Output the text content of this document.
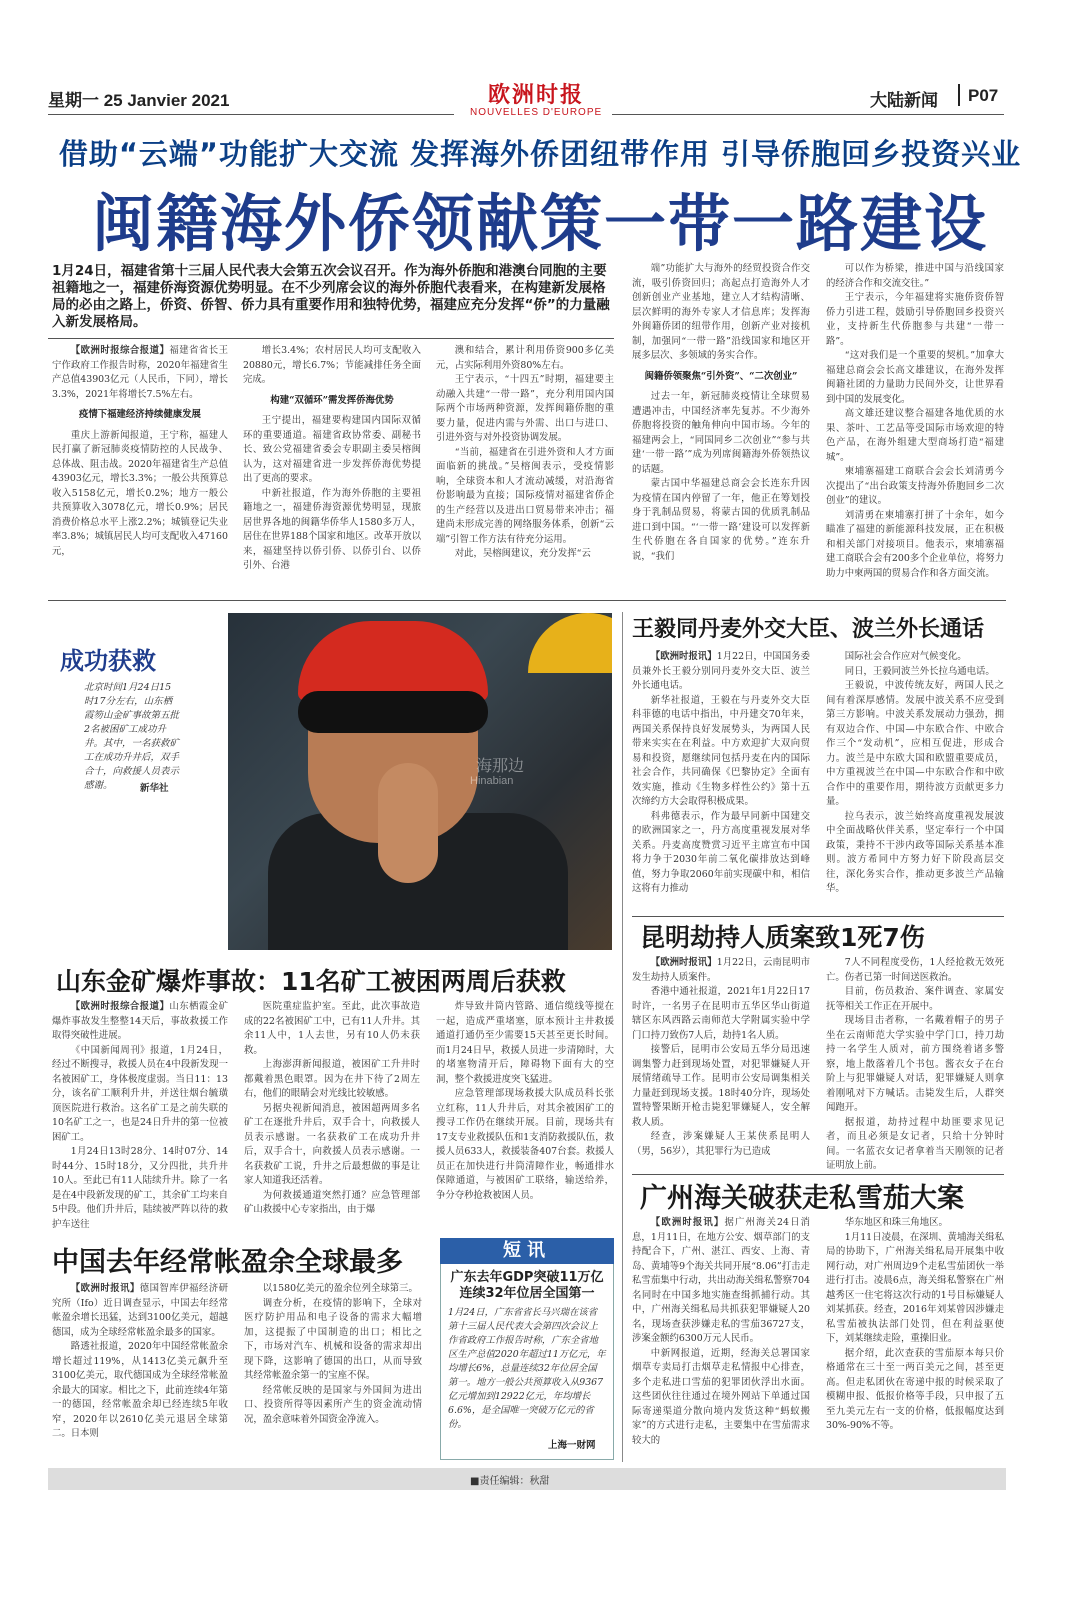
星期一 25 Janvier 2021	欧洲时报
NOUVELLES D'EUROPE
大陆新闻 P07
借助“云端”功能扩大交流 发挥海外侨团纽带作用 引导侨胞回乡投资兴业
闽籍海外侨领献策一带一路建设
1月24日，福建省第十三届人民代表大会第五次会议召开。作为海外侨胞和港澳台同胞的主要祖籍地之一，福建侨海资源优势明显。在不少列席会议的海外侨胞代表看来，在构建新发展格局的必由之路上，侨资、侨智、侨力具有重要作用和独特优势，福建应充分发挥“侨”的力量融入新发展格局。

【欧洲时报综合报道】福建省省长王宁作政府工作报告时称，2020年福建省生产总值43903亿元（人民币，下同），增长3.3%，2021年将增长7.5%左右。

疫情下福建经济持续健康发展

重庆上游新闻报道，王宁称，福建人民打赢了新冠肺炎疫情防控的人民战争、总体战、阻击战。2020年福建省生产总值43903亿元，增长3.3%；一般公共预算总收入5158亿元，增长0.2%；地方一般公共预算收入3078亿元，增长0.9%；居民消费价格总水平上涨2.2%；城镇登记失业率3.8%；城镇居民人均可支配收入47160元，

增长3.4%；农村居民人均可支配收入20880元，增长6.7%；节能减排任务全面完成。

构建“双循环”需发挥侨海优势

王宁提出，福建要构建国内国际双循环的重要通道。福建省政协常委、副秘书长、致公党福建省委会专职副主委吴榕闽认为，这对福建省进一步发挥侨海优势提出了更高的要求。

中新社报道，作为海外侨胞的主要祖籍地之一，福建侨海资源优势明显，现旅居世界各地的闽籍华侨华人1580多万人，居住在世界188个国家和地区。改革开放以来，福建坚持以侨引侨、以侨引台、以侨引外、台港

澳和结合，累计利用侨资900多亿美元，占实际利用外资80%左右。

王宁表示，“十四五”时期，福建要主动融入共建“一带一路”，充分利用国内国际两个市场两种资源，发挥闽籍侨胞的重要力量，促进内需与外需、出口与进口、引进外资与对外投资协调发展。

“当前，福建省在引进外资和人才方面面临新的挑战。”吴榕闽表示，受疫情影响，全球资本和人才流动减缓，对沿海省份影响最为直接；国际疫情对福建省侨企的生产经营以及进出口贸易带来冲击；福建尚未形成完善的网络服务体系，创新“云端”引智工作方法有待充分运用。

对此，吴榕闽建议，充分发挥“云

端”功能扩大与海外的经贸投资合作交流，吸引侨资回归；高起点打造海外人才创新创业产业基地，建立人才结构清晰、层次鲜明的海外专家人才信息库；发挥海外闽籍侨团的纽带作用，创新产业对接机制，加强同“一带一路”沿线国家和地区开展多层次、多领域的务实合作。

闽籍侨领聚焦“引外资”、“二次创业”

过去一年，新冠肺炎疫情让全球贸易遭遇冲击，中国经济率先复苏。不少海外侨胞将投资的触角伸向中国市场。今年的福建两会上，“同国同乡二次创业”“参与共建‘一带一路’”成为列席闽籍海外侨领热议的话题。

蒙古国中华福建总商会会长连东升因为疫情在国内停留了一年，他正在筹划投身于乳制品贸易，将蒙古国的优质乳制品进口到中国。“‘一带一路’建设可以发挥新生代侨胞在各自国家的优势。”连东升说，“我们

可以作为桥梁，推进中国与沿线国家的经济合作和交流交往。”

王宁表示，今年福建将实施侨资侨智侨力引进工程，鼓励引导侨胞回乡投资兴业，支持新生代侨胞参与共建“一带一路”。

“这对我们是一个重要的契机。”加拿大福建总商会会长高文雄建议，在海外发挥闽籍社团的力量助力民间外交，让世界看到中国的发展变化。

高文雄还建议整合福建各地优质的水果、茶叶、工艺品等受国际市场欢迎的特色产品，在海外组建大型商场打造“福建城”。

柬埔寨福建工商联合会会长刘清勇今次提出了“出台政策支持海外侨胞回乡二次创业”的建议。

刘清勇在柬埔寨打拼了十余年，如今瞄准了福建的新能源科技发展，正在积极和相关部门对接项目。他表示，柬埔寨福建工商联合会有200多个企业单位，将努力助力中柬两国的贸易合作和各方面交流。

海那边
Hinabian
成功获救
北京时间1月24日15时17分左右，山东栖霞笏山金矿事故第五批2名被困矿工成功升井。其中，一名获救矿工在成功升井后，双手合十，向救援人员表示感谢。	新华社
山东金矿爆炸事故：11名矿工被困两周后获救

【欧洲时报综合报道】山东栖霞金矿爆炸事故发生整整14天后，事故救援工作取得突破性进展。

《中国新闻周刊》报道，1月24日，经过不断搜寻，救援人员在4中段新发现一名被困矿工，身体极度虚弱。当日11：13分，该名矿工顺利升井，并送往烟台毓璜顶医院进行救治。这名矿工是之前失联的10名矿工之一，也是24日升井的第一位被困矿工。

1月24日13时28分、14时07分、14时44分、15时18分，又分四批，共升井10人。至此已有11人陆续升井。除了一名是在4中段新发现的矿工，其余矿工均来自5中段。他们升井后，陆续被严阵以待的救护车送往

医院重症监护室。至此，此次事故造成的22名被困矿工中，已有11人升井。其余11人中，1人去世，另有10人仍未获救。

上海澎湃新闻报道，被困矿工升井时都戴着黑色眼罩。因为在井下待了2周左右，他们的眼睛会对光线比较敏感。

另据央视新闻消息，被困超两周多名矿工在逐批升井后，双手合十，向救援人员表示感谢。一名获救矿工在成功升井后，双手合十，向救援人员表示感谢。一名获救矿工说，升井之后最想做的事是让家人知道我还活着。

为何救援通道突然打通？应急管理部矿山救援中心专家指出，由于爆

炸导致井筒内管路、通信缆线等搅在一起，造成严重堵塞，原本预计主井救援通道打通仍至少需要15天甚至更长时间。而1月24日早，救援人员进一步清障时，大的堵塞物清开后，障碍物下面有大的空洞，整个救援进度突飞猛进。

应急管理部现场救援大队成员科长张立红称，11人升井后，对其余被困矿工的搜寻工作仍在继续开展。目前，现场共有17支专业救援队伍和1支消防救援队伍，救援人员633人，救援装备407台套。救援人员正在加快进行井筒清障作业，畅通排水保障通道，与被困矿工联络，输送给养，争分夺秒抢救被困人员。

中国去年经常帐盈余全球最多

【欧洲时报讯】德国智库伊福经济研究所（Ifo）近日调查显示，中国去年经常帐盈余增长迅猛，达到3100亿美元，超越德国，成为全球经常帐盈余最多的国家。

路透社报道，2020年中国经常帐盈余增长超过119%，从1413亿美元飙升至3100亿美元，取代德国成为全球经常帐盈余最大的国家。相比之下，此前连续4年第一的德国，经常帐盈余却已经连续5年收窄，2020年以2610亿美元退居全球第二。日本则

以1580亿美元的盈余位列全球第三。

调查分析，在疫情的影响下，全球对医疗防护用品和电子设备的需求大幅增加，这提振了中国制造的出口；相比之下，市场对汽车、机械和设备的需求却出现下降，这影响了德国的出口，从而导致其经常帐盈余第一的宝座不保。

经常帐反映的是国家与外国间为进出口、投资所得等因素所产生的资金流动情况，盈余意味着外国资金净流入。

短讯
广东去年GDP突破11万亿 连续32年位居全国第一
1月24日，广东省省长马兴瑞在该省第十三届人民代表大会第四次会议上作省政府工作报告时称，广东全省地区生产总值2020年超过11万亿元，年均增长6%，总量连续32年位居全国第一。地方一般公共预算收入从9367亿元增加到12922亿元，年均增长6.6%，是全国唯一突破万亿元的省份。
上海一财网
王毅同丹麦外交大臣、波兰外长通话

【欧洲时报讯】1月22日，中国国务委员兼外长王毅分别同丹麦外交大臣、波兰外长通电话。

新华社报道，王毅在与丹麦外交大臣科菲德的电话中指出，中丹建交70年来，两国关系保持良好发展势头，为两国人民带来实实在在利益。中方欢迎扩大双向贸易和投资，愿继续同包括丹麦在内的国际社会合作，共同确保《巴黎协定》全面有效实施，推动《生物多样性公约》第十五次缔约方大会取得积极成果。

科弗德表示，作为最早同新中国建交的欧洲国家之一，丹方高度重视发展对华关系。丹麦高度赞赏习近平主席宣布中国将力争于2030年前二氧化碳排放达到峰值，努力争取2060年前实现碳中和，相信这将有力推动

国际社会合作应对气候变化。

同日，王毅同波兰外长拉乌通电话。

王毅说，中波传统友好，两国人民之间有着深厚感情。发展中波关系不应受到第三方影响。中波关系发展动力强劲，拥有双边合作、中国—中东欧合作、中欧合作三个“发动机”，应相互促进，形成合力。波兰是中东欧大国和欧盟重要成员，中方重视波兰在中国—中东欧合作和中欧合作中的重要作用，期待波方贡献更多力量。

拉乌表示，波兰始终高度重视发展波中全面战略伙伴关系，坚定奉行一个中国政策，秉持不干涉内政等国际关系基本准则。波方希同中方努力好下阶段高层交往，深化务实合作，推动更多波兰产品输华。

昆明劫持人质案致1死7伤

【欧洲时报讯】1月22日，云南昆明市发生劫持人质案件。

香港中通社报道，2021年1月22日17时许，一名男子在昆明市五华区华山街道辖区东风西路云南师范大学附属实验中学门口持刀致伤7人后，劫持1名人质。

接警后，昆明市公安局五华分局迅速调集警力赶到现场处置，对犯罪嫌疑人开展情绪疏导工作。昆明市公安局调集相关力量赶到现场支援。18时40分许，现场处置特警果断开枪击毙犯罪嫌疑人，安全解救人质。

经查，涉案嫌疑人王某侠系昆明人（男，56岁），其犯罪行为已造成

7人不同程度受伤，1人经抢救无效死亡。伤者已第一时间送医救治。

目前，伤员救治、案件调查、家属安抚等相关工作正在开展中。

现场目击者称，一名戴着帽子的男子坐在云南师范大学实验中学门口，持刀劫持一名学生人质对，前方围绕着诸多警察，地上散落着几个书包。酱衣女子在台阶上与犯罪嫌疑人对话，犯罪嫌疑人则拿着刚吼对下方喊话。击毙发生后，人群突闻跑开。

据报道，劫持过程中劫匪要求见记者，而且必须是女记者，只给十分钟时间。一名蓝衣女记者拿着当天刚领的记者证明放上前。

广州海关破获走私雪茄大案

【欧洲时报讯】据广州海关24日消息，1月11日，在地方公安、烟草部门的支持配合下，广州、湛江、西安、上海、青岛、黄埔等9个海关共同开展“8.06”打击走私雪茄集中行动，共出动海关缉私警察704名同时在中国多地实施查缉抓捕行动。其中，广州海关缉私局共抓获犯罪嫌疑人20名，现场查获涉嫌走私的雪茄36727支，涉案金额约6300万元人民币。

中新网报道，近期，经海关总署国家烟草专卖局打击烟草走私情报中心排查，多个走私进口雪茄的犯罪团伙浮出水面。这些团伙往往通过在境外网站下单通过国际寄递渠道分散向境内发货这种“蚂蚁搬家”的方式进行走私，主要集中在雪茄需求较大的

华东地区和珠三角地区。

1月11日凌晨，在深圳、黄埔海关缉私局的协助下，广州海关缉私局开展集中收网行动，对广州周边9个走私雪茄团伙一举进行打击。凌晨6点，海关缉私警察在广州越秀区一住宅将这次行动的1号目标嫌疑人刘某抓获。经查，2016年刘某曾因涉嫌走私雪茄被执法部门处罚，但在利益驱使下，刘某继续走险，重操旧业。

据介绍，此次查获的雪茄原本每只价格通常在三十至一两百美元之间，甚至更高。但走私团伙在寄递中报的时候采取了模糊申报、低报价格等手段，只申报了五至九美元左右一支的价格，低报幅度达到30%-90%不等。

■责任编辑：秋甜
